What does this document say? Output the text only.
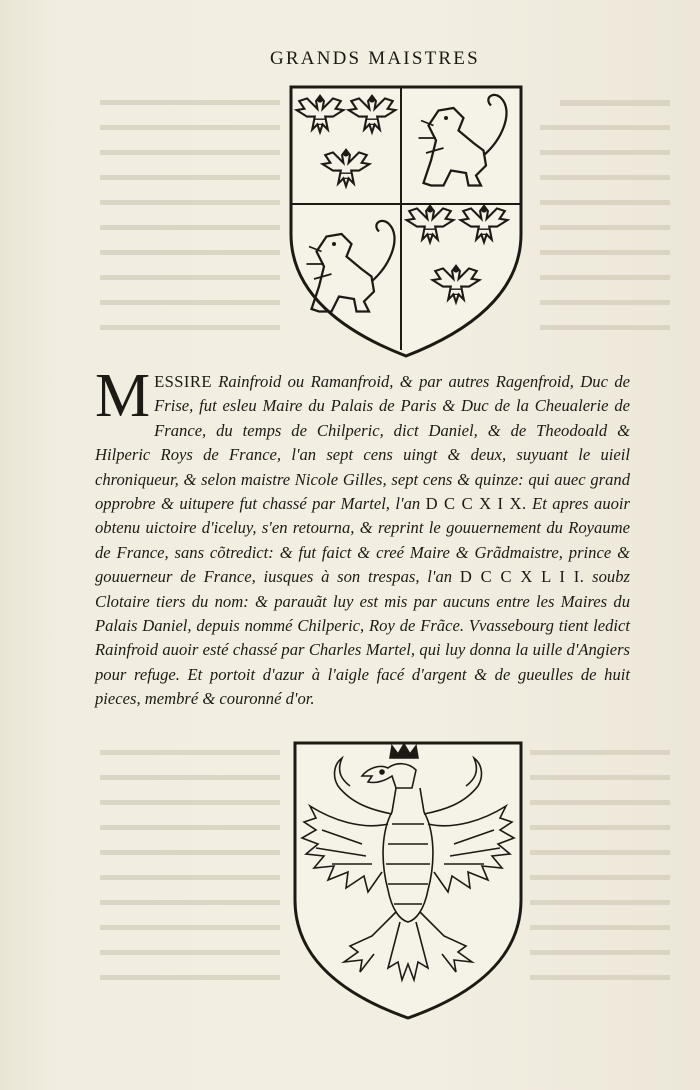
GRANDS MAISTRES
MESSIRE Rainfroid ou Ramanfroid, & par autres Ragenfroid, Duc de Frise, fut esleu Maire du Palais de Paris & Duc de la Cheualerie de France, du temps de Chilperic, dict Daniel, & de Theodoald & Hilperic Roys de France, l'an sept cens uingt & deux, suyuant le uieil chroniqueur, & selon maistre Nicole Gilles, sept cens & quinze: qui auec grand opprobre & uitupere fut chassé par Martel, l'an D C C X I X. Et apres auoir obtenu uictoire d'iceluy, s'en retourna, & reprint le gouuernement du Royaume de France, sans cõtredict: & fut faict & creé Maire & Grãdmaistre, prince & gouuerneur de France, iusques à son trespas, l'an D C C X L I I. soubz Clotaire tiers du nom: & parauãt luy est mis par aucuns entre les Maires du Palais Daniel, depuis nommé Chilperic, Roy de Frãce. Vvassebourg tient ledict Rainfroid auoir esté chassé par Charles Martel, qui luy donna la uille d'Angiers pour refuge. Et portoit d'azur à l'aigle facé d'argent & de gueulles de huit pieces, membré & couronné d'or.
